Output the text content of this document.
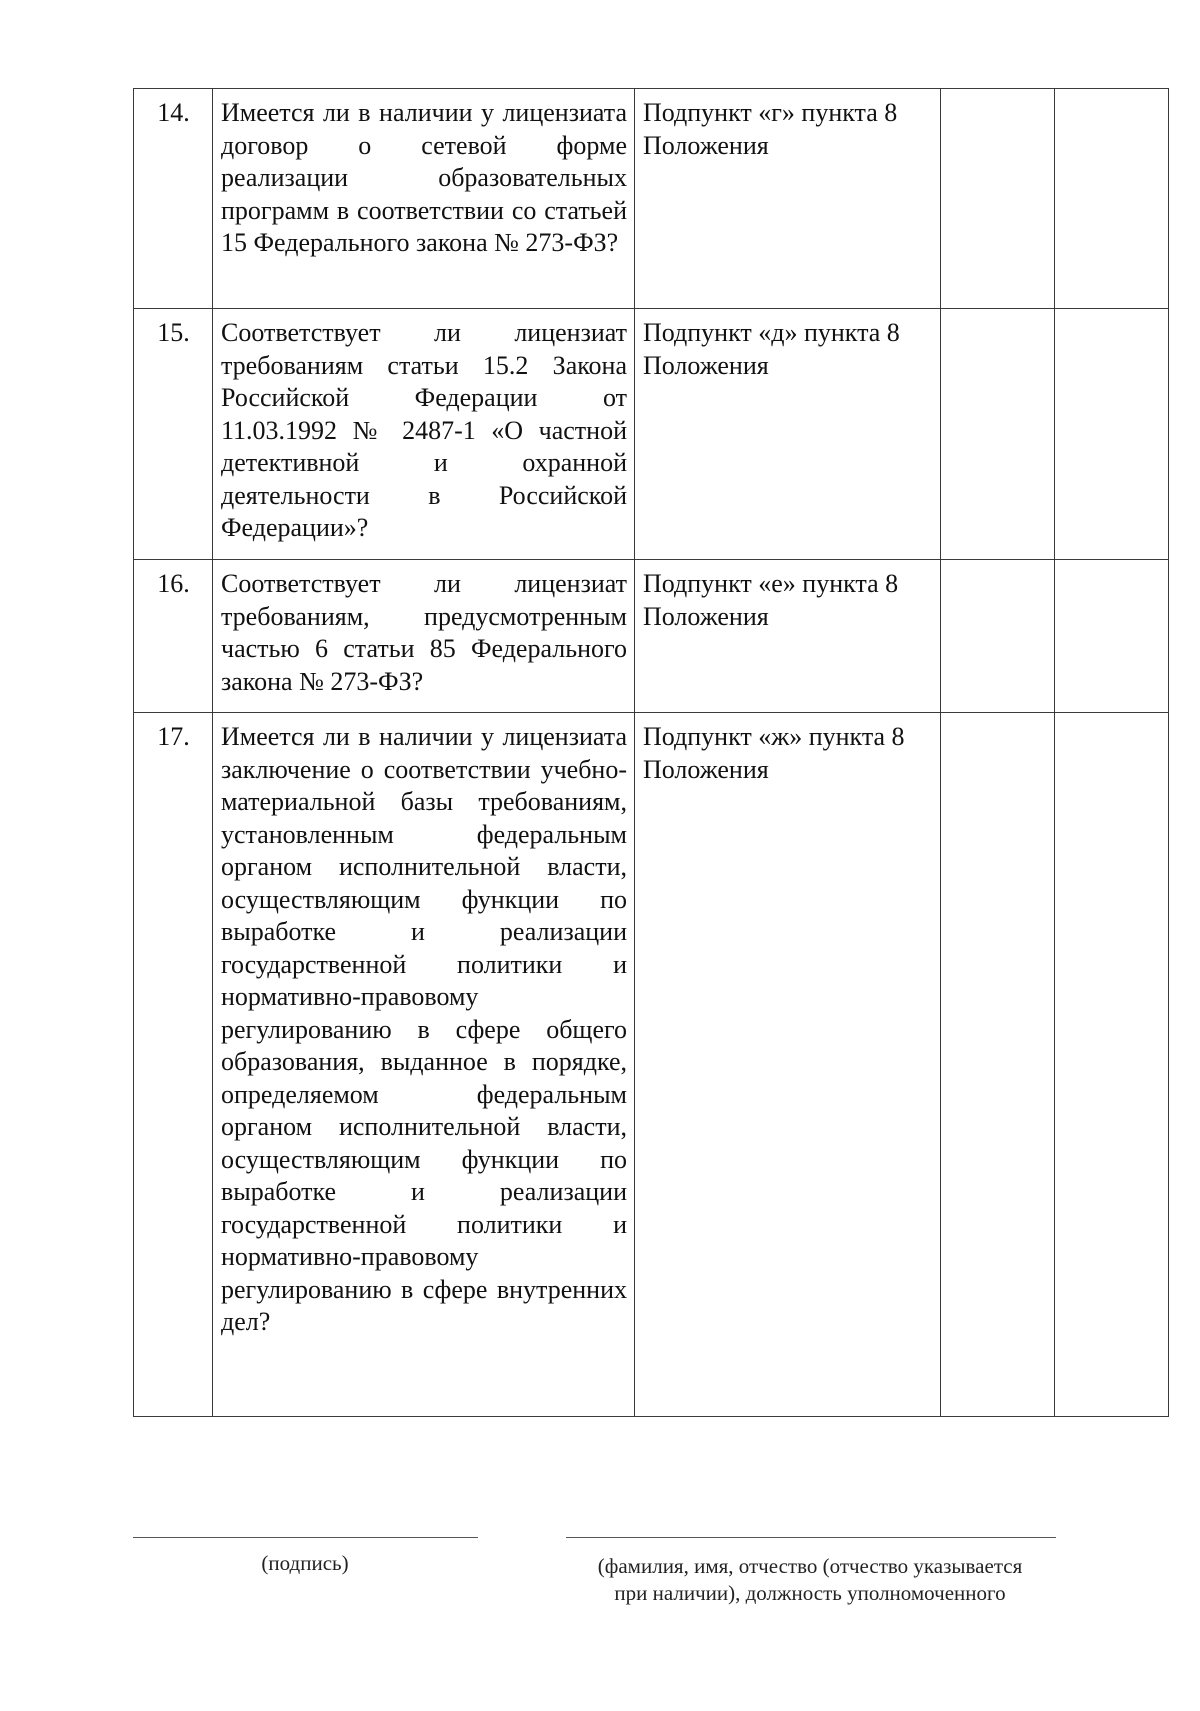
14.	Имеется ли в наличии у лицензиата договор о сетевой форме реализации образовательных программ в соответствии со статьей 15 Федерального закона № 273-ФЗ?	Подпункт «г» пункта 8 Положения		
15.	Соответствует ли лицензиат требованиям статьи 15.2 Закона Российской Федерации от 11.03.1992 № 2487-1 «О частной детективной и охранной деятельности в Российской Федерации»?	Подпункт «д» пункта 8 Положения		
16.	Соответствует ли лицензиат требованиям, предусмотренным частью 6 статьи 85 Федерального закона № 273-ФЗ?	Подпункт «е» пункта 8 Положения		
17.	Имеется ли в наличии у лицензиата заключение о соответствии учебно-материальной базы требованиям, установленным федеральным органом исполнительной власти, осуществляющим функции по выработке и реализации государственной политики и нормативно-правовому регулированию в сфере общего образования, выданное в порядке, определяемом федеральным органом исполнительной власти, осуществляющим функции по выработке и реализации государственной политики и нормативно-правовому регулированию в сфере внутренних дел?	Подпункт «ж» пункта 8 Положения		
(подпись)	(фамилия, имя, отчество (отчество указывается
при наличии), должность уполномоченного
